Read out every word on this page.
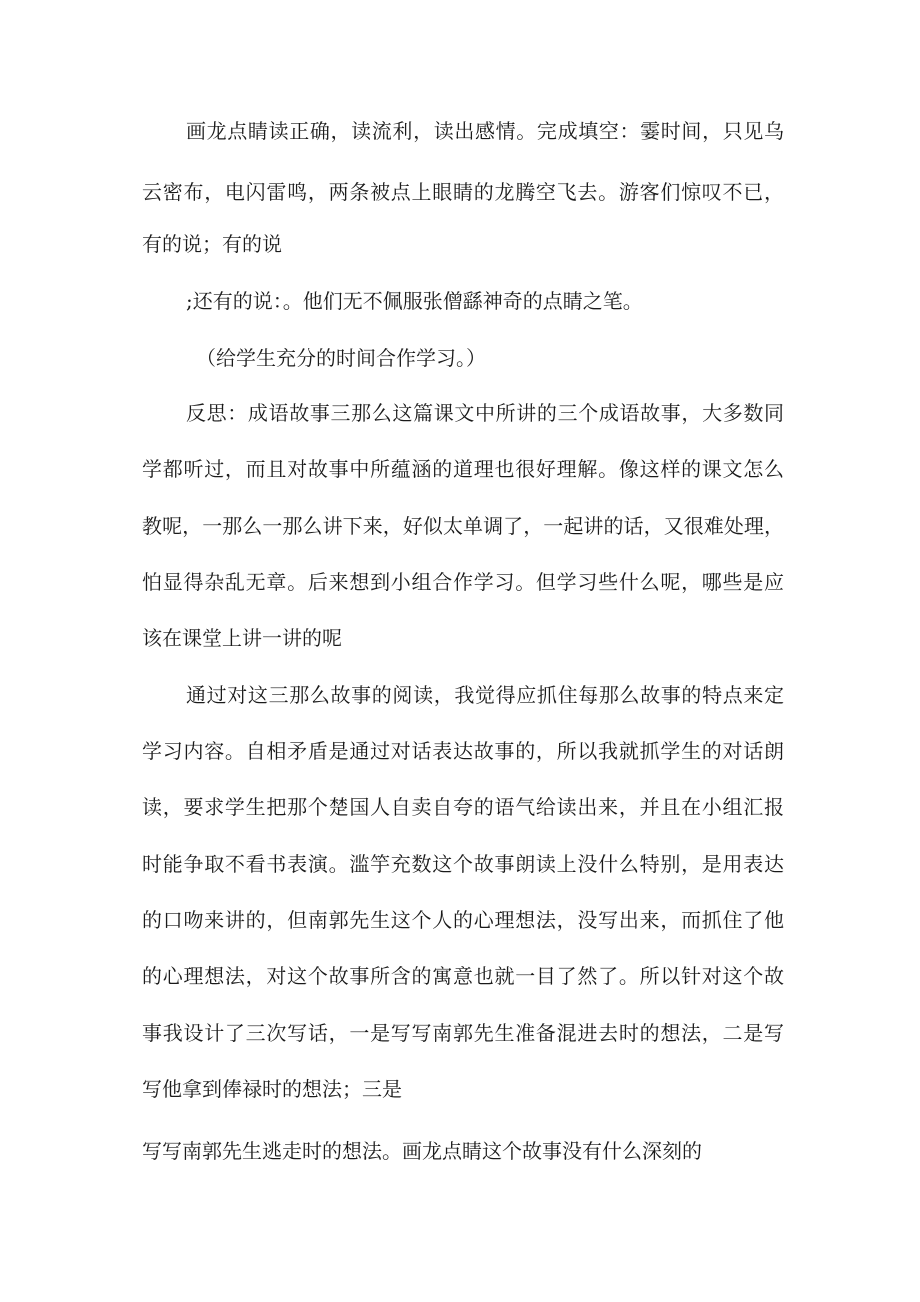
画龙点睛读正确，读流利，读出感情。完成填空：霎时间，只见乌
云密布，电闪雷鸣，两条被点上眼睛的龙腾空飞去。游客们惊叹不已，
有的说；有的说
;还有的说：。他们无不佩服张僧繇神奇的点睛之笔。
（给学生充分的时间合作学习。）
反思：成语故事三那么这篇课文中所讲的三个成语故事，大多数同
学都听过，而且对故事中所蕴涵的道理也很好理解。像这样的课文怎么
教呢，一那么一那么讲下来，好似太单调了，一起讲的话，又很难处理，
怕显得杂乱无章。后来想到小组合作学习。但学习些什么呢，哪些是应
该在课堂上讲一讲的呢
通过对这三那么故事的阅读，我觉得应抓住每那么故事的特点来定
学习内容。自相矛盾是通过对话表达故事的，所以我就抓学生的对话朗
读，要求学生把那个楚国人自卖自夸的语气给读出来，并且在小组汇报
时能争取不看书表演。滥竽充数这个故事朗读上没什么特别，是用表达
的口吻来讲的，但南郭先生这个人的心理想法，没写出来，而抓住了他
的心理想法，对这个故事所含的寓意也就一目了然了。所以针对这个故
事我设计了三次写话，一是写写南郭先生准备混进去时的想法，二是写
写他拿到俸禄时的想法；三是
写写南郭先生逃走时的想法。画龙点睛这个故事没有什么深刻的
